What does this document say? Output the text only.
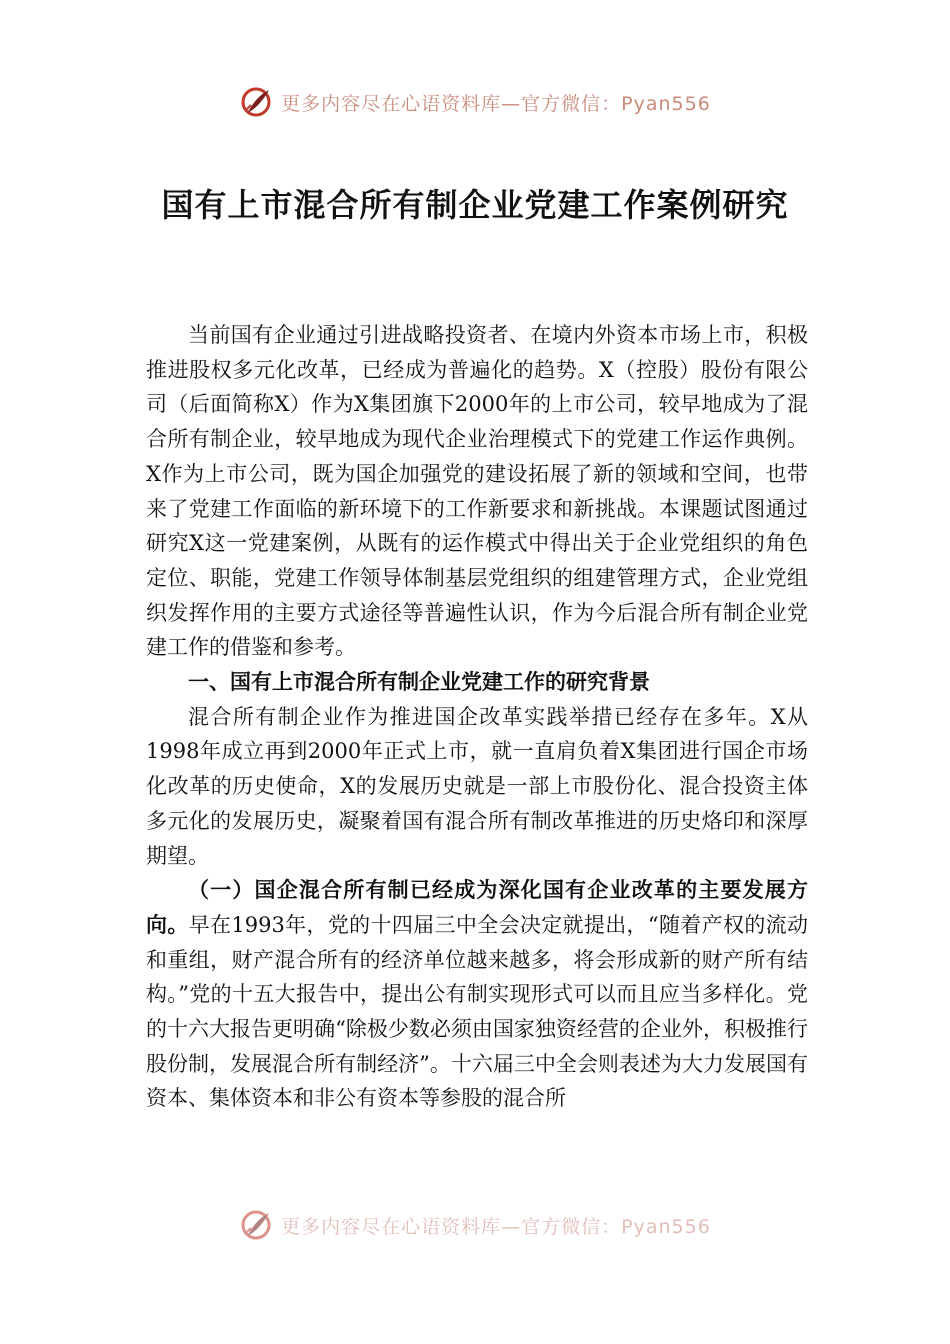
更多内容尽在心语资料库—官方微信：Pyan556
国有上市混合所有制企业党建工作案例研究

当前国有企业通过引进战略投资者、在境内外资本市场上市，积极推进股权多元化改革，已经成为普遍化的趋势。X（控股）股份有限公司（后面简称X）作为X集团旗下2000年的上市公司，较早地成为了混合所有制企业，较早地成为现代企业治理模式下的党建工作运作典例。X作为上市公司，既为国企加强党的建设拓展了新的领域和空间，也带来了党建工作面临的新环境下的工作新要求和新挑战。本课题试图通过研究X这一党建案例，从既有的运作模式中得出关于企业党组织的角色定位、职能，党建工作领导体制基层党组织的组建管理方式，企业党组织发挥作用的主要方式途径等普遍性认识，作为今后混合所有制企业党建工作的借鉴和参考。

一、国有上市混合所有制企业党建工作的研究背景

混合所有制企业作为推进国企改革实践举措已经存在多年。X从1998年成立再到2000年正式上市，就一直肩负着X集团进行国企市场化改革的历史使命，X的发展历史就是一部上市股份化、混合投资主体多元化的发展历史，凝聚着国有混合所有制改革推进的历史烙印和深厚期望。

（一）国企混合所有制已经成为深化国有企业改革的主要发展方向。早在1993年，党的十四届三中全会决定就提出，“随着产权的流动和重组，财产混合所有的经济单位越来越多，将会形成新的财产所有结构。”党的十五大报告中，提出公有制实现形式可以而且应当多样化。党的十六大报告更明确“除极少数必须由国家独资经营的企业外，积极推行股份制，发展混合所有制经济”。十六届三中全会则表述为大力发展国有资本、集体资本和非公有资本等参股的混合所

更多内容尽在心语资料库—官方微信：Pyan556
